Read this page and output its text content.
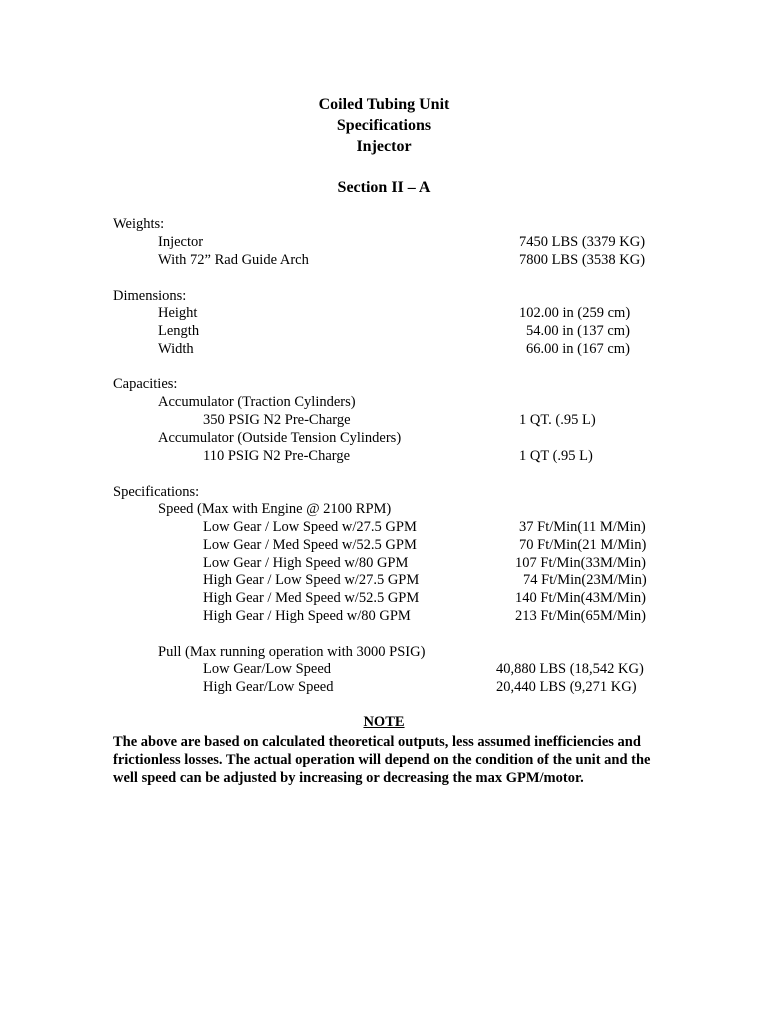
Coiled Tubing Unit
Specifications
Injector
Section II – A
Weights:
Injector	7450 LBS (3379 KG)
With 72” Rad Guide Arch	7800 LBS (3538 KG)
Dimensions:
Height	102.00 in (259 cm)
Length	54.00 in (137 cm)
Width	66.00 in (167 cm)
Capacities:
Accumulator (Traction Cylinders)
350 PSIG N2 Pre-Charge	1 QT. (.95 L)
Accumulator (Outside Tension Cylinders)
110 PSIG N2 Pre-Charge	1 QT (.95 L)
Specifications:
Speed (Max with Engine @ 2100 RPM)
Low Gear / Low Speed w/27.5 GPM	37 Ft/Min(11 M/Min)
Low Gear / Med Speed w/52.5 GPM	70 Ft/Min(21 M/Min)
Low Gear / High Speed w/80 GPM	107 Ft/Min(33M/Min)
High Gear / Low Speed w/27.5 GPM	74 Ft/Min(23M/Min)
High Gear / Med Speed w/52.5 GPM	140 Ft/Min(43M/Min)
High Gear / High Speed w/80 GPM	213 Ft/Min(65M/Min)
Pull (Max running operation with 3000 PSIG)
Low Gear/Low Speed	40,880 LBS (18,542 KG)
High Gear/Low Speed	20,440 LBS (9,271 KG)
NOTE
The above are based on calculated theoretical outputs, less assumed inefficiencies and frictionless losses. The actual operation will depend on the condition of the unit and the well speed can be adjusted by increasing or decreasing the max GPM/motor.
